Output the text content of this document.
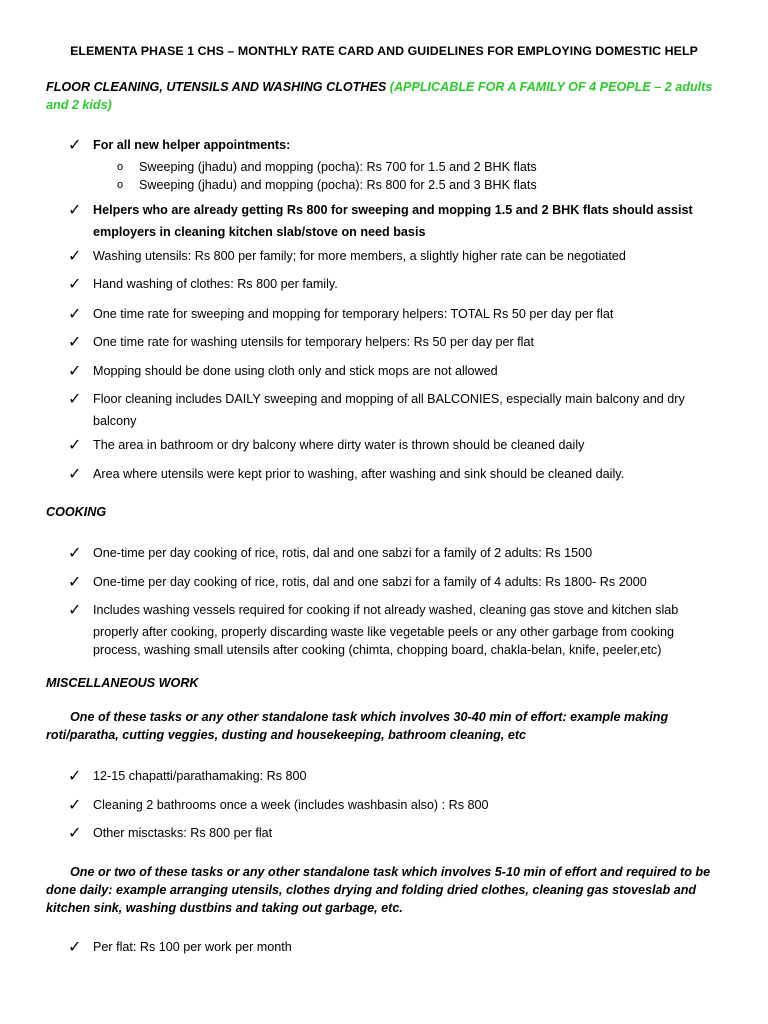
ELEMENTA PHASE 1 CHS – MONTHLY RATE CARD AND GUIDELINES FOR EMPLOYING DOMESTIC HELP
FLOOR CLEANING, UTENSILS AND WASHING CLOTHES (APPLICABLE FOR A FAMILY OF 4 PEOPLE – 2 adults and 2 kids)
✓ For all new helper appointments:
o Sweeping (jhadu) and mopping (pocha): Rs 700 for 1.5 and 2 BHK flats
o Sweeping (jhadu) and mopping (pocha): Rs 800 for 2.5 and 3 BHK flats
✓ Helpers who are already getting Rs 800 for sweeping and mopping 1.5 and 2 BHK flats should assist
employers in cleaning kitchen slab/stove on need basis
✓ Washing utensils: Rs 800 per family; for more members, a slightly higher rate can be negotiated
✓ Hand washing of clothes: Rs 800 per family.
✓ One time rate for sweeping and mopping for temporary helpers: TOTAL Rs 50 per day per flat
✓ One time rate for washing utensils for temporary helpers: Rs 50 per day per flat
✓ Mopping should be done using cloth only and stick mops are not allowed
✓ Floor cleaning includes DAILY sweeping and mopping of all BALCONIES, especially main balcony and dry
balcony
✓ The area in bathroom or dry balcony where dirty water is thrown should be cleaned daily
✓ Area where utensils were kept prior to washing, after washing and sink should be cleaned daily.
COOKING
✓ One-time per day cooking of rice, rotis, dal and one sabzi for a family of 2 adults: Rs 1500
✓ One-time per day cooking of rice, rotis, dal and one sabzi for a family of 4 adults: Rs 1800- Rs 2000
✓ Includes washing vessels required for cooking if not already washed, cleaning gas stove and kitchen slab
properly after cooking, properly discarding waste like vegetable peels or any other garbage from cooking
process, washing small utensils after cooking (chimta, chopping board, chakla-belan, knife, peeler,etc)
MISCELLANEOUS WORK
One of these tasks or any other standalone task which involves 30-40 min of effort: example making roti/paratha, cutting veggies, dusting and housekeeping, bathroom cleaning, etc
✓ 12-15 chapatti/parathamaking: Rs 800
✓ Cleaning 2 bathrooms once a week (includes washbasin also) : Rs 800
✓ Other misctasks: Rs 800 per flat
One or two of these tasks or any other standalone task which involves 5-10 min of effort and required to be done daily: example arranging utensils, clothes drying and folding dried clothes, cleaning gas stoveslab and kitchen sink, washing dustbins and taking out garbage, etc.
✓ Per flat: Rs 100 per work per month
